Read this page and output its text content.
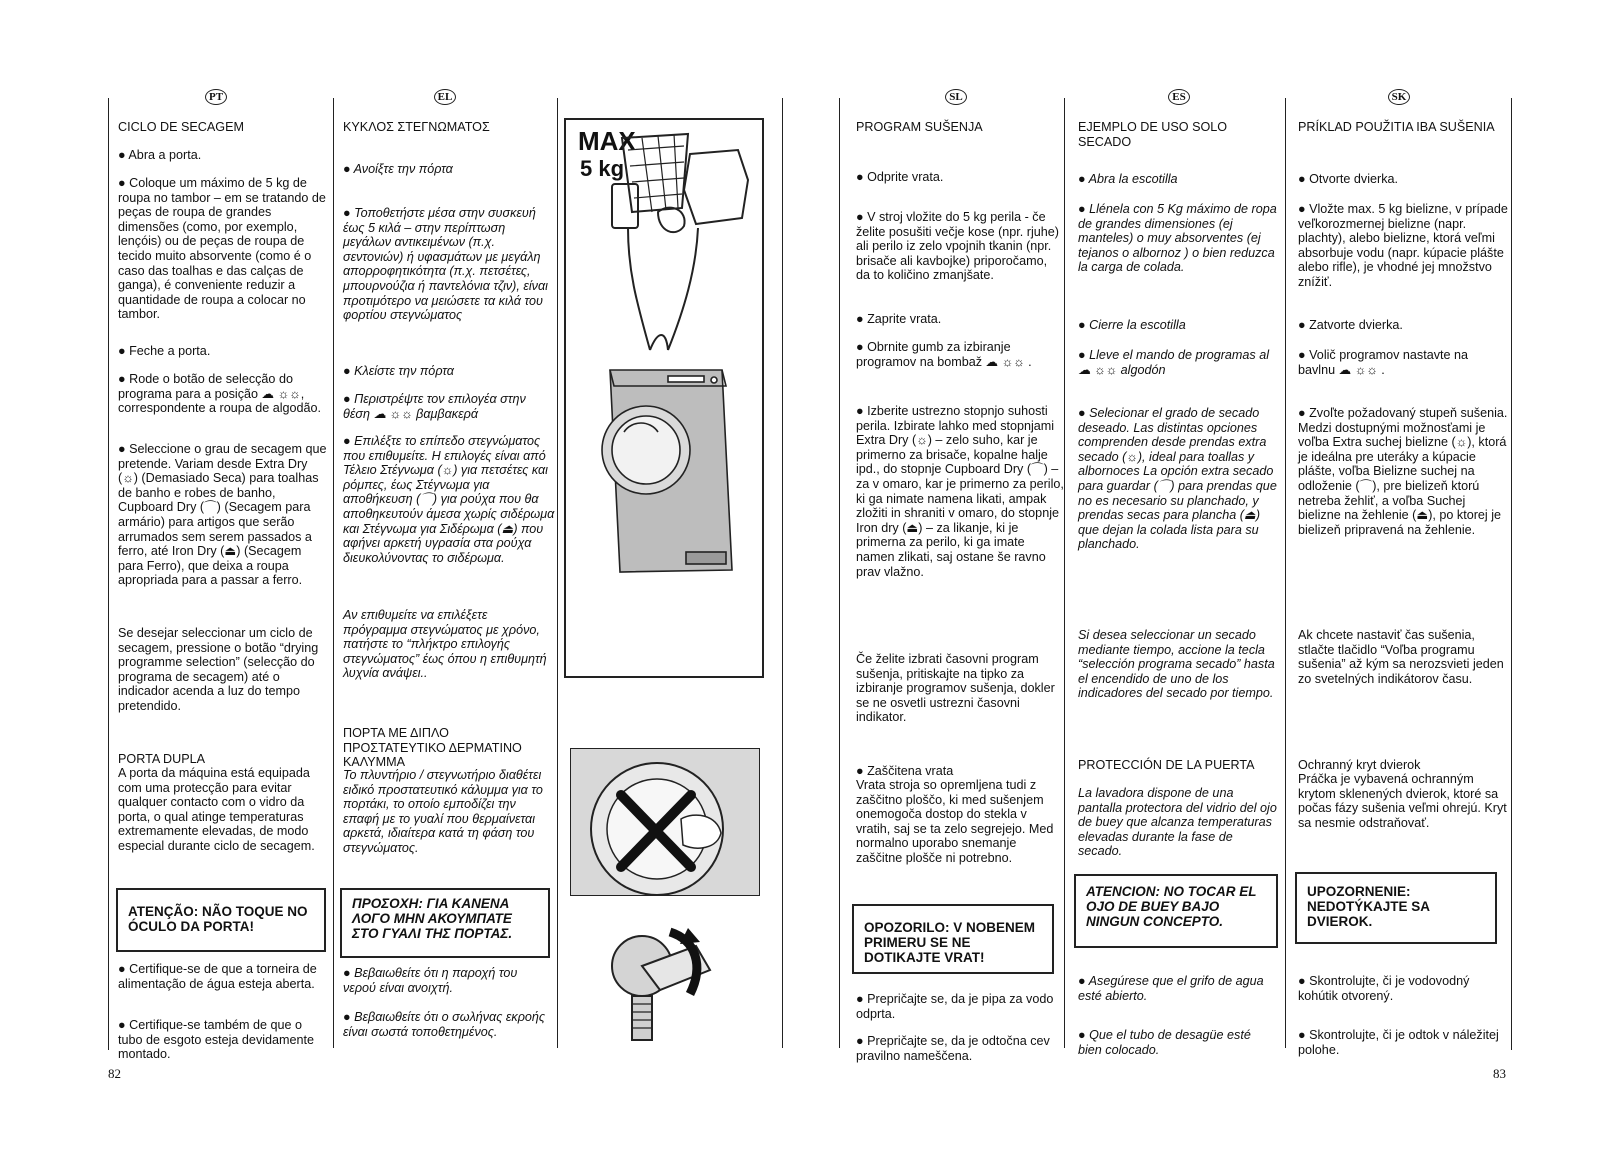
PT	EL	SL	ES	SK
CICLO DE SECAGEM
● Abra a porta.
● Coloque um máximo de 5 kg de roupa no tambor – em se tratando de peças de roupa de grandes dimensões (como, por exemplo, lençóis) ou de peças de roupa de tecido muito absorvente (como é o caso das toalhas e das calças de ganga), é conveniente reduzir a quantidade de roupa a colocar no tambor.
● Feche a porta.
● Rode o botão de selecção do programa para a posição ☁ ☼☼, correspondente a roupa de algodão.
● Seleccione o grau de secagem que pretende. Variam desde Extra Dry (☼) (Demasiado Seca) para toalhas de banho e robes de banho, Cupboard Dry (⌒) (Secagem para armário) para artigos que serão arrumados sem serem passados a ferro, até Iron Dry (⏏) (Secagem para Ferro), que deixa a roupa apropriada para a passar a ferro.
Se desejar seleccionar um ciclo de secagem, pressione o botão “drying programme selection” (selecção do programa de secagem) até o indicador acenda a luz do tempo pretendido.
PORTA DUPLA
A porta da máquina está equipada com uma protecção para evitar qualquer contacto com o vidro da porta, o qual atinge temperaturas extremamente elevadas, de modo especial durante ciclo de secagem.
ATENÇÃO: NÃO TOQUE NO ÓCULO DA PORTA!
● Certifique-se de que a torneira de alimentação de água esteja aberta.
● Certifique-se também de que o tubo de esgoto esteja devidamente montado.
ΚΥΚΛΟΣ ΣΤΕΓΝΩΜΑΤΟΣ
● Ανοίξτε την πόρτα
● Τοποθετήστε μέσα στην συσκευή έως 5 κιλά – στην περίπτωση μεγάλων αντικειμένων (π.χ. σεντονιών) ή υφασμάτων με μεγάλη απορροφητικότητα (π.χ. πετσέτες, μπουρνούζια ή παντελόνια τζιν), είναι προτιμότερο να μειώσετε τα κιλά του φορτίου στεγνώματος
● Κλείστε την πόρτα
● Περιστρέψτε τον επιλογέα στην θέση ☁ ☼☼ βαμβακερά
● Επιλέξτε το επίπεδο στεγνώματος που επιθυμείτε. Η επιλογές είναι από Τέλειο Στέγνωμα (☼) για πετσέτες και ρόμπες, έως Στέγνωμα για αποθήκευση (⌒) για ρούχα που θα αποθηκευτούν άμεσα χωρίς σιδέρωμα και Στέγνωμα για Σιδέρωμα (⏏) που αφήνει αρκετή υγρασία στα ρούχα διευκολύνοντας το σιδέρωμα.
Αν επιθυμείτε να επιλέξετε πρόγραμμα στεγνώματος με χρόνο, πατήστε το “πλήκτρο επιλογής στεγνώματος” έως όπου η επιθυμητή λυχνία ανάψει..
ΠΟΡΤΑ ΜΕ ΔΙΠΛΟ ΠΡΟΣΤΑΤΕΥΤΙΚΟ ΔΕΡΜΑΤΙΝΟ ΚΑΛΥΜΜΑ
Το πλυντήριο / στεγνωτήριο διαθέτει ειδικό προστατευτικό κάλυμμα για το πορτάκι, το οποίο εμποδίζει την επαφή με το γυαλί που θερμαίνεται αρκετά, ιδιαίτερα κατά τη φάση του στεγνώματος.
ΠΡΟΣΟΧΗ: ΓΙΑ ΚΑΝΕΝΑ ΛΟΓΟ ΜΗΝ ΑΚΟΥΜΠΑΤΕ ΣΤΟ ΓΥΑΛΙ ΤΗΣ ΠΟΡΤΑΣ.
● Βεβαιωθείτε ότι η παροχή του νερού είναι ανοιχτή.
● Βεβαιωθείτε ότι ο σωλήνας εκροής είναι σωστά τοποθετημένος.
MAX
5 kg
PROGRAM SUŠENJA
● Odprite vrata.
● V stroj vložite do 5 kg perila - če želite posušiti večje kose (npr. rjuhe) ali perilo iz zelo vpojnih tkanin (npr. brisače ali kavbojke) priporočamo, da to količino zmanjšate.
● Zaprite vrata.
● Obrnite gumb za izbiranje programov na bombaž ☁ ☼☼ .
● Izberite ustrezno stopnjo suhosti perila. Izbirate lahko med stopnjami Extra Dry (☼) – zelo suho, kar je primerno za brisače, kopalne halje ipd., do stopnje Cupboard Dry (⌒) – za v omaro, kar je primerno za perilo, ki ga nimate namena likati, ampak zložiti in shraniti v omaro, do stopnje Iron dry (⏏) – za likanje, ki je primerna za perilo, ki ga imate namen zlikati, saj ostane še ravno prav vlažno.
Če želite izbrati časovni program sušenja, pritiskajte na tipko za izbiranje programov sušenja, dokler se ne osvetli ustrezni časovni indikator.
● Zaščitena vrata
Vrata stroja so opremljena tudi z zaščitno ploščo, ki med sušenjem onemogoča dostop do stekla v vratih, saj se ta zelo segrejejo. Med normalno uporabo snemanje zaščitne plošče ni potrebno.
OPOZORILO: V NOBENEM PRIMERU SE NE DOTIKAJTE VRAT!
● Prepričajte se, da je pipa za vodo odprta.
● Prepričajte se, da je odtočna cev pravilno nameščena.
EJEMPLO DE USO SOLO SECADO
● Abra la escotilla
● Llénela con 5 Kg máximo de ropa de grandes dimensiones (ej manteles) o muy absorventes (ej tejanos o albornoz ) o bien reduzca la carga de colada.
● Cierre la escotilla
● Lleve el mando de programas al ☁ ☼☼ algodón
● Selecionar el grado de secado deseado. Las distintas opciones comprenden desde prendas extra secado (☼), ideal para toallas y albornoces La opción extra secado para guardar (⌒) para prendas que no es necesario su planchado, y prendas secas para plancha (⏏) que dejan la colada lista para su planchado.
Si desea seleccionar un secado mediante tiempo, accione la tecla “selección programa secado” hasta el encendido de uno de los indicadores del secado por tiempo.
PROTECCIÓN DE LA PUERTA
La lavadora dispone de una pantalla protectora del vidrio del ojo de buey que alcanza temperaturas elevadas durante la fase de secado.
ATENCION: NO TOCAR EL OJO DE BUEY BAJO NINGUN CONCEPTO.
● Asegúrese que el grifo de agua esté abierto.
● Que el tubo de desagüe esté bien colocado.
PRÍKLAD POUŽITIA IBA SUŠENIA
● Otvorte dvierka.
● Vložte max. 5 kg bielizne, v prípade veľkorozmernej bielizne (napr. plachty), alebo bielizne, ktorá veľmi absorbuje vodu (napr. kúpacie plášte alebo rifle), je vhodné jej množstvo znížiť.
● Zatvorte dvierka.
● Volič programov nastavte na bavlnu ☁ ☼☼ .
● Zvoľte požadovaný stupeň sušenia. Medzi dostupnými možnosťami je voľba Extra suchej bielizne (☼), ktorá je ideálna pre uteráky a kúpacie plášte, voľba Bielizne suchej na odloženie (⌒), pre bielizeň ktorú netreba žehliť, a voľba Suchej bielizne na žehlenie (⏏), po ktorej je bielizeň pripravená na žehlenie.
Ak chcete nastaviť čas sušenia, stlačte tlačidlo “Voľba programu sušenia” až kým sa nerozsvieti jeden zo svetelných indikátorov času.
Ochranný kryt dvierok
Práčka je vybavená ochranným krytom sklenených dvierok, ktoré sa počas fázy sušenia veľmi ohrejú. Kryt sa nesmie odstraňovať.
UPOZORNENIE: NEDOTÝKAJTE SA DVIEROK.
● Skontrolujte, či je vodovodný kohútik otvorený.
● Skontrolujte, či je odtok v náležitej polohe.
82	83
